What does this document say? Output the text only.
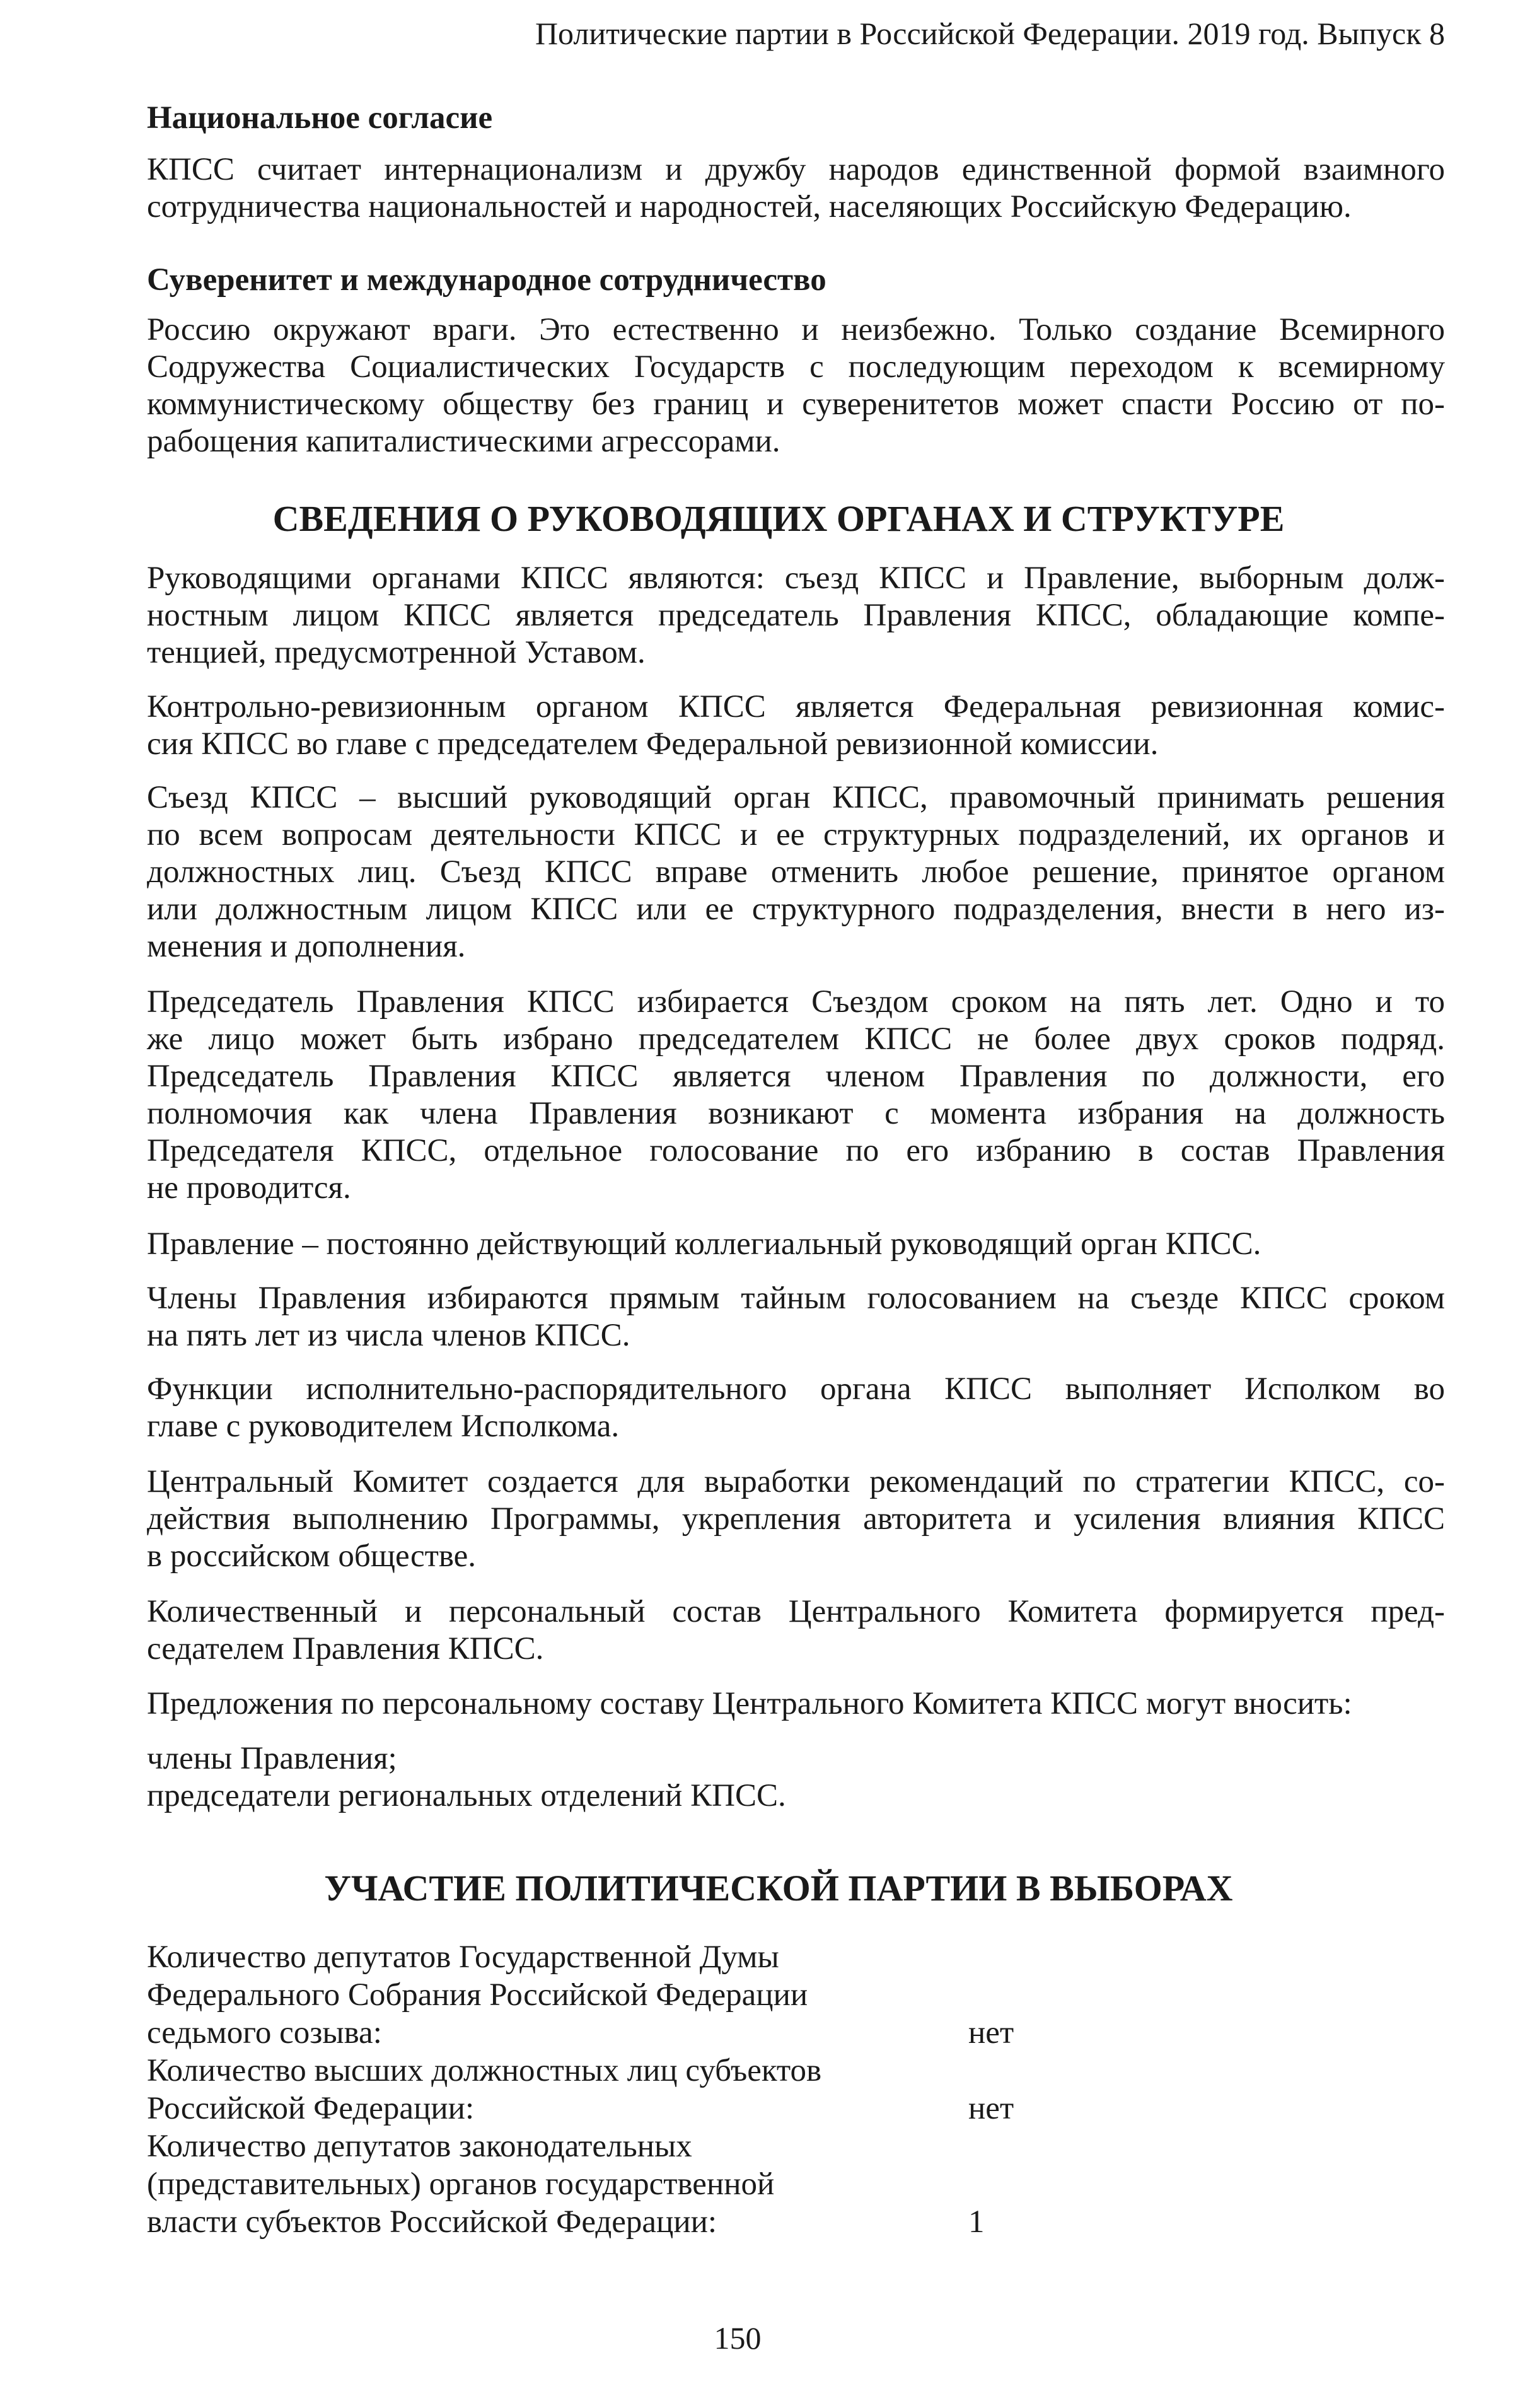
Политические партии в Российской Федерации. 2019 год. Выпуск 8
Национальное согласие
КПСС считает интернационализм и дружбу народов единственной формой взаимного
сотрудничества национальностей и народностей, населяющих Российскую Федерацию.
Суверенитет и международное сотрудничество
Россию окружают враги. Это естественно и неизбежно. Только создание Всемирного
Содружества Социалистических Государств с последующим переходом к всемирному
коммунистическому обществу без границ и суверенитетов может спасти Россию от по-
рабощения капиталистическими агрессорами.
СВЕДЕНИЯ О РУКОВОДЯЩИХ ОРГАНАХ И СТРУКТУРЕ
Руководящими органами КПСС являются: съезд КПСС и Правление, выборным долж-
ностным лицом КПСС является председатель Правления КПСС, обладающие компе-
тенцией, предусмотренной Уставом.
Контрольно-ревизионным органом КПСС является Федеральная ревизионная комис-
сия КПСС во главе с председателем Федеральной ревизионной комиссии.
Съезд КПСС – высший руководящий орган КПСС, правомочный принимать решения
по всем вопросам деятельности КПСС и ее структурных подразделений, их органов и
должностных лиц. Съезд КПСС вправе отменить любое решение, принятое органом
или должностным лицом КПСС или ее структурного подразделения, внести в него из-
менения и дополнения.
Председатель Правления КПСС избирается Съездом сроком на пять лет. Одно и то
же лицо может быть избрано председателем КПСС не более двух сроков подряд.
Председатель Правления КПСС является членом Правления по должности, его
полномочия как члена Правления возникают с момента избрания на должность
Председателя КПСС, отдельное голосование по его избранию в состав Правления
не проводится.
Правление – постоянно действующий коллегиальный руководящий орган КПСС.
Члены Правления избираются прямым тайным голосованием на съезде КПСС сроком
на пять лет из числа членов КПСС.
Функции исполнительно-распорядительного органа КПСС выполняет Исполком во
главе с руководителем Исполкома.
Центральный Комитет создается для выработки рекомендаций по стратегии КПСС, со-
действия выполнению Программы, укрепления авторитета и усиления влияния КПСС
в российском обществе.
Количественный и персональный состав Центрального Комитета формируется пред-
седателем Правления КПСС.
Предложения по персональному составу Центрального Комитета КПСС могут вносить:
члены Правления;
председатели региональных отделений КПСС.
УЧАСТИЕ ПОЛИТИЧЕСКОЙ ПАРТИИ В ВЫБОРАХ
Количество депутатов Государственной Думы
Федерального Собрания Российской Федерации
седьмого созыва:	нет
Количество высших должностных лиц субъектов
Российской Федерации:	нет
Количество депутатов законодательных
(представительных) органов государственной
власти субъектов Российской Федерации:	1
150
